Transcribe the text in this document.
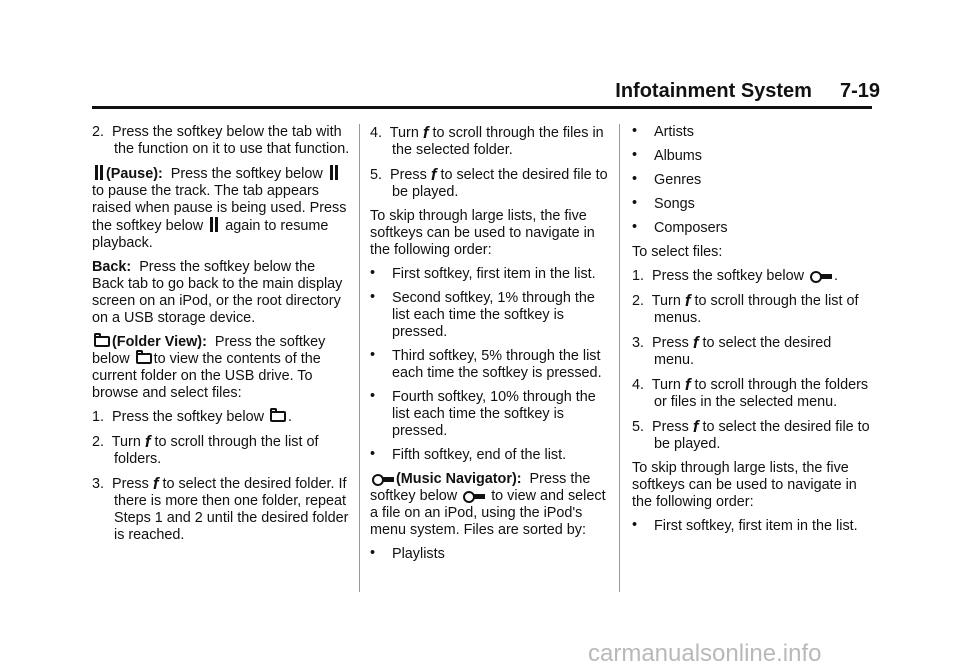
Infotainment System 7-19

2. Press the softkey below the tab with the function on it to use that function.

(Pause): Press the softkey below to pause the track. The tab appears raised when pause is being used. Press the softkey below again to resume playback.

Back: Press the softkey below the Back tab to go back to the main display screen on an iPod, or the root directory on a USB storage device.

(Folder View): Press the softkey below to view the contents of the current folder on the USB drive. To browse and select files:

1. Press the softkey below .

2. Turn f to scroll through the list of folders.

3. Press f to select the desired folder. If there is more then one folder, repeat Steps 1 and 2 until the desired folder is reached.

4. Turn f to scroll through the files in the selected folder.

5. Press f to select the desired file to be played.

To skip through large lists, the five softkeys can be used to navigate in the following order:

• First softkey, first item in the list.
• Second softkey, 1% through the list each time the softkey is pressed.
• Third softkey, 5% through the list each time the softkey is pressed.
• Fourth softkey, 10% through the list each time the softkey is pressed.
• Fifth softkey, end of the list.

(Music Navigator): Press the softkey below to view and select a file on an iPod, using the iPod's menu system. Files are sorted by:

• Playlists
• Artists
• Albums
• Genres
• Songs
• Composers

To select files:

1. Press the softkey below .

2. Turn f to scroll through the list of menus.

3. Press f to select the desired menu.

4. Turn f to scroll through the folders or files in the selected menu.

5. Press f to select the desired file to be played.

To skip through large lists, the five softkeys can be used to navigate in the following order:

• First softkey, first item in the list.
carmanualsonline.info
